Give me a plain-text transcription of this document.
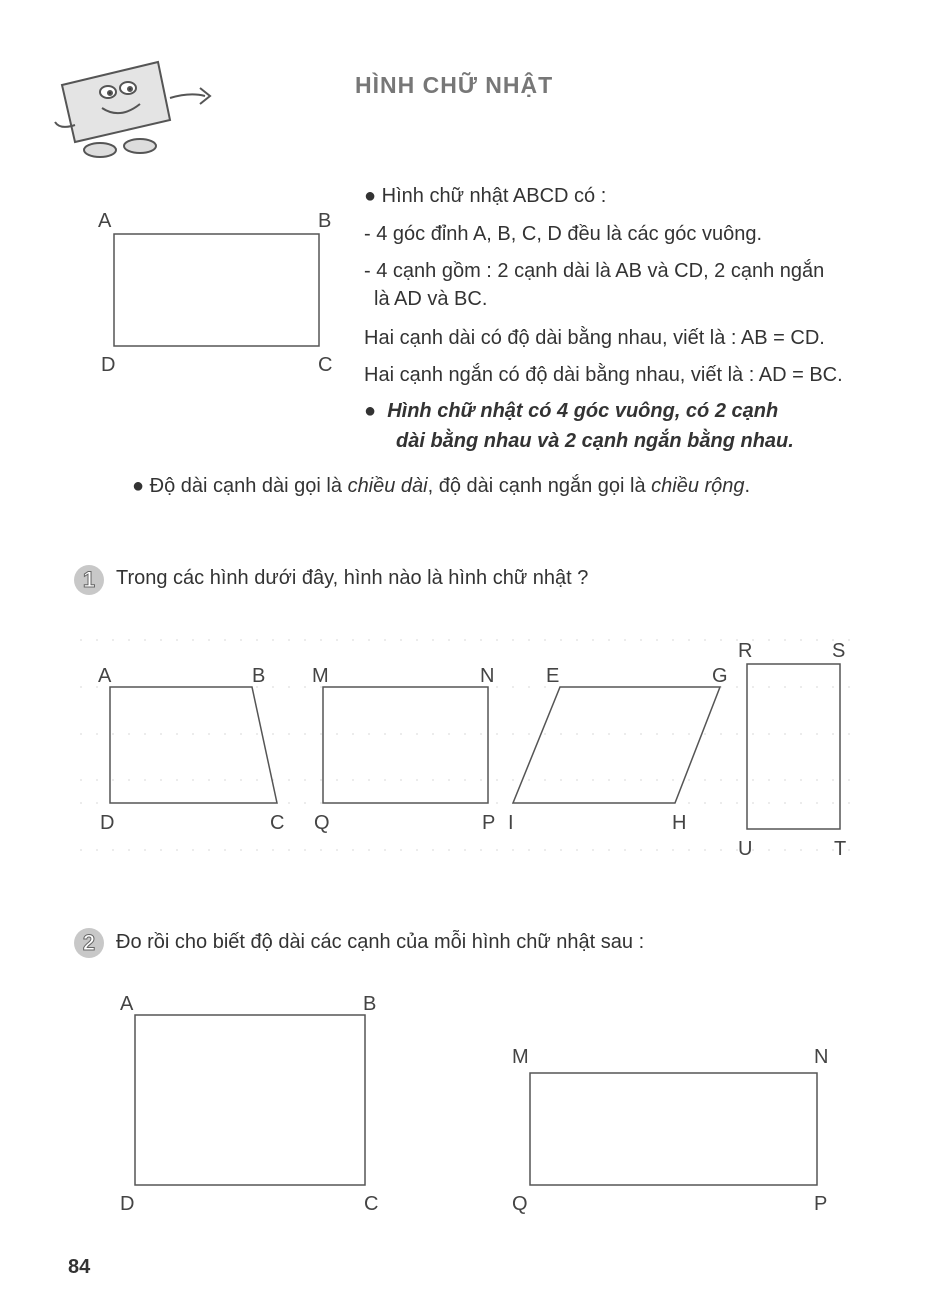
HÌNH CHỮ NHẬT
A	B
C
D
● Hình chữ nhật ABCD có :
- 4 góc đỉnh A, B, C, D đều là các góc vuông.
- 4 cạnh gồm : 2 cạnh dài là AB và CD, 2 cạnh ngắn
là AD và BC.
Hai cạnh dài có độ dài bằng nhau, viết là : AB = CD.
Hai cạnh ngắn có độ dài bằng nhau, viết là : AD = BC.
●  Hình chữ nhật có 4 góc vuông, có 2 cạnh
dài bằng nhau và 2 cạnh ngắn bằng nhau.
● Độ dài cạnh dài gọi là chiều dài, độ dài cạnh ngắn gọi là chiều rộng.
1	Trong các hình dưới đây, hình nào là hình chữ nhật ?
A	B
C
D
M	N
P
Q
E	G
H
I
R	S
T
U
2	Đo rồi cho biết độ dài các cạnh của mỗi hình chữ nhật sau :
A	B
C
D
M	N
P
Q
84
